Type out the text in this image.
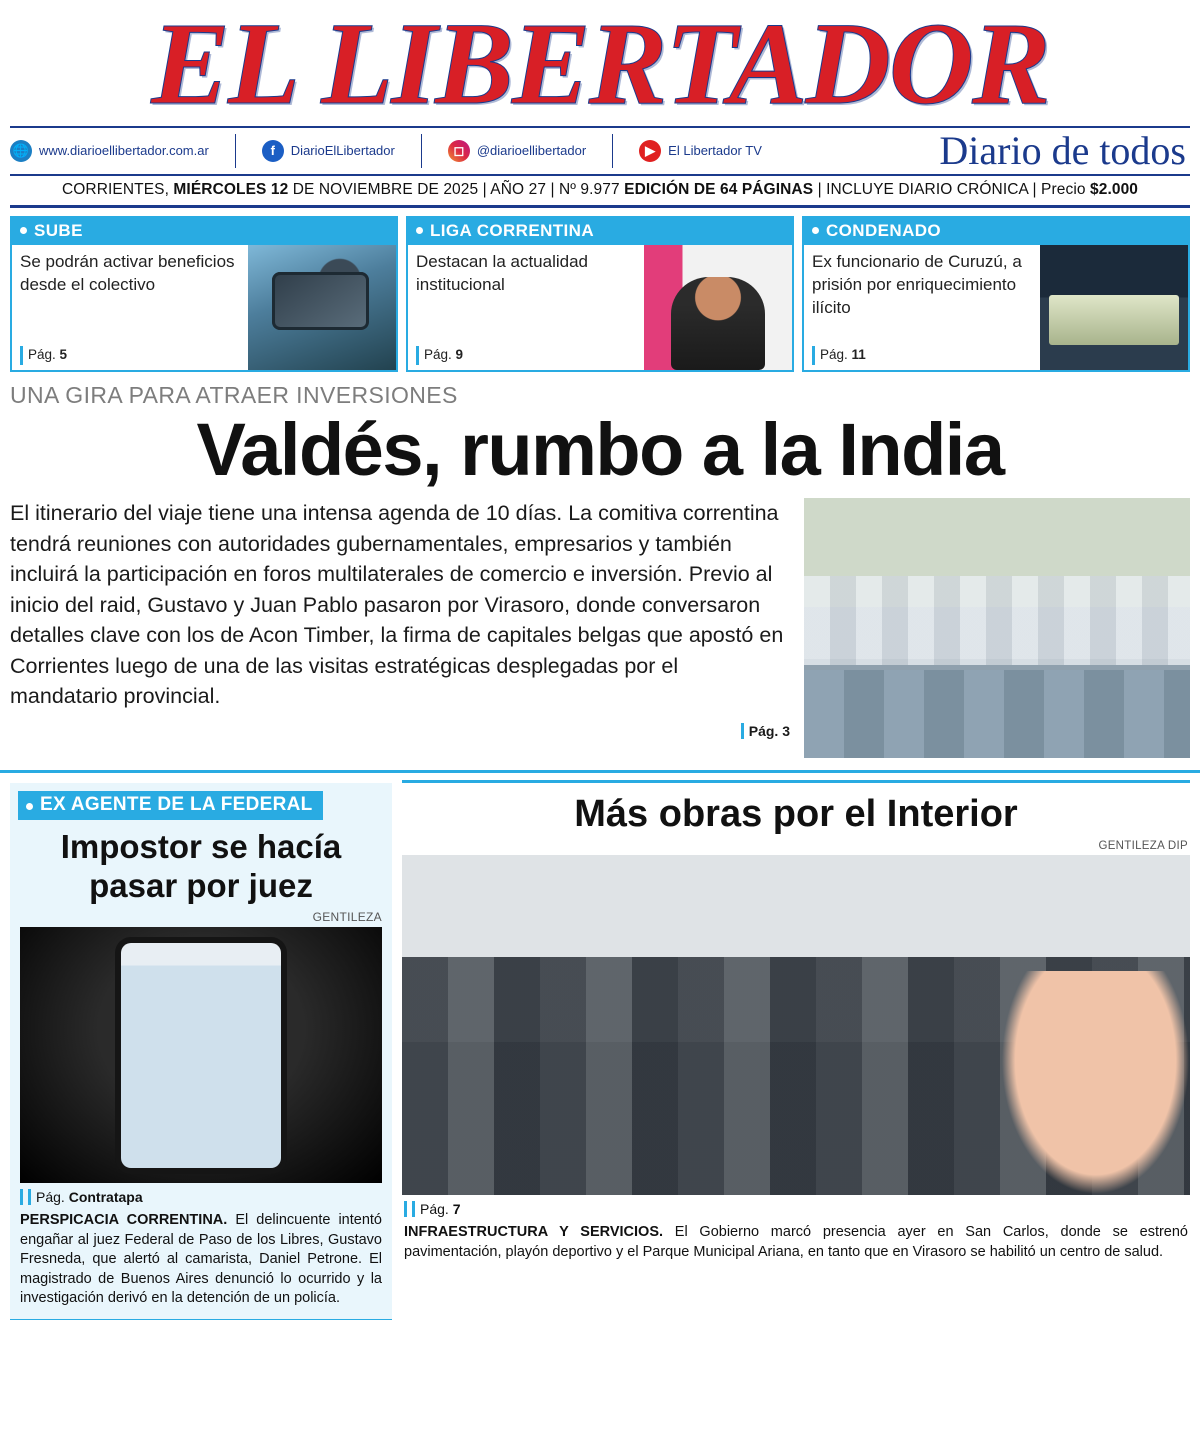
EL LIBERTADOR
🌐 www.diarioellibertador.com.ar	f	DiarioElLibertador	◻ @diarioellibertador	▶	El Libertador TV	Diario de todos
CORRIENTES, MIÉRCOLES 12 DE NOVIEMBRE DE 2025 | AÑO 27 | Nº 9.977 EDICIÓN DE 64 PÁGINAS | INCLUYE DIARIO CRÓNICA | Precio $2.000
SUBE
Se podrán activar beneficios desde el colectivo
Pág. 5
LIGA CORRENTINA
Destacan la actualidad institucional
Pág. 9
CONDENADO
Ex funcionario de Curuzú, a prisión por enriquecimiento ilícito
Pág. 11
UNA GIRA PARA ATRAER INVERSIONES
Valdés, rumbo a la India
El itinerario del viaje tiene una intensa agenda de 10 días. La comitiva correntina tendrá reuniones con autoridades gubernamentales, empresarios y también incluirá la participación en foros multilaterales de comercio e inversión. Previo al inicio del raid, Gustavo y Juan Pablo pasaron por Virasoro, donde conversaron detalles clave con los de Acon Timber, la firma de capitales belgas que apostó en Corrientes luego de una de las visitas estratégicas desplegadas por el mandatario provincial.
Pág. 3
EX AGENTE DE LA FEDERAL
Impostor se hacía pasar por juez
GENTILEZA
Pág. Contratapa
PERSPICACIA CORRENTINA. El delincuente intentó engañar al juez Federal de Paso de los Libres, Gustavo Fresneda, que alertó al camarista, Daniel Petrone. El magistrado de Buenos Aires denunció lo ocurrido y la investigación derivó en la detención de un policía.
Más obras por el Interior
GENTILEZA DIP
Pág. 7
INFRAESTRUCTURA Y SERVICIOS. El Gobierno marcó presencia ayer en San Carlos, donde se estrenó pavimentación, playón deportivo y el Parque Municipal Ariana, en tanto que en Virasoro se habilitó un centro de salud.
